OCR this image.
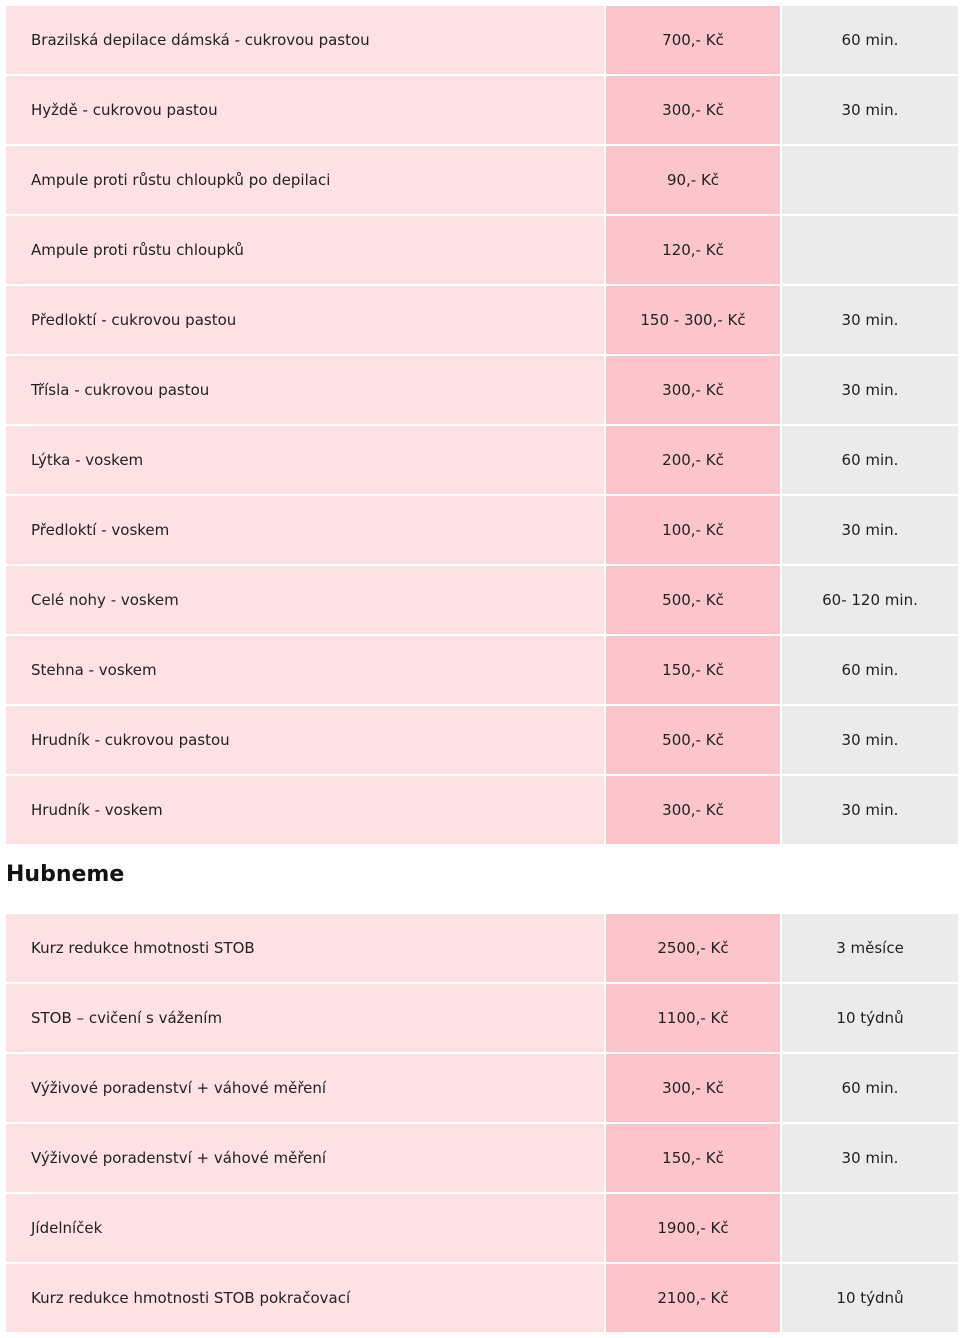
Brazilská depilace dámská - cukrovou pastou	700,- Kč	60 min.
Hyždě - cukrovou pastou	300,- Kč	30 min.
Ampule proti růstu chloupků po depilaci	90,- Kč
Ampule proti růstu chloupků	120,- Kč
Předloktí - cukrovou pastou	150 - 300,- Kč	30 min.
Třísla - cukrovou pastou	300,- Kč	30 min.
Lýtka - voskem	200,- Kč	60 min.
Předloktí - voskem	100,- Kč	30 min.
Celé nohy - voskem	500,- Kč	60- 120 min.
Stehna - voskem	150,- Kč	60 min.
Hrudník - cukrovou pastou	500,- Kč	30 min.
Hrudník - voskem	300,- Kč	30 min.
Hubneme
Kurz redukce hmotnosti STOB	2500,- Kč	3 měsíce
STOB – cvičení s vážením	1100,- Kč	10 týdnů
Výživové poradenství + váhové měření	300,- Kč	60 min.
Výživové poradenství + váhové měření	150,- Kč	30 min.
Jídelníček	1900,- Kč
Kurz redukce hmotnosti STOB pokračovací	2100,- Kč	10 týdnů
